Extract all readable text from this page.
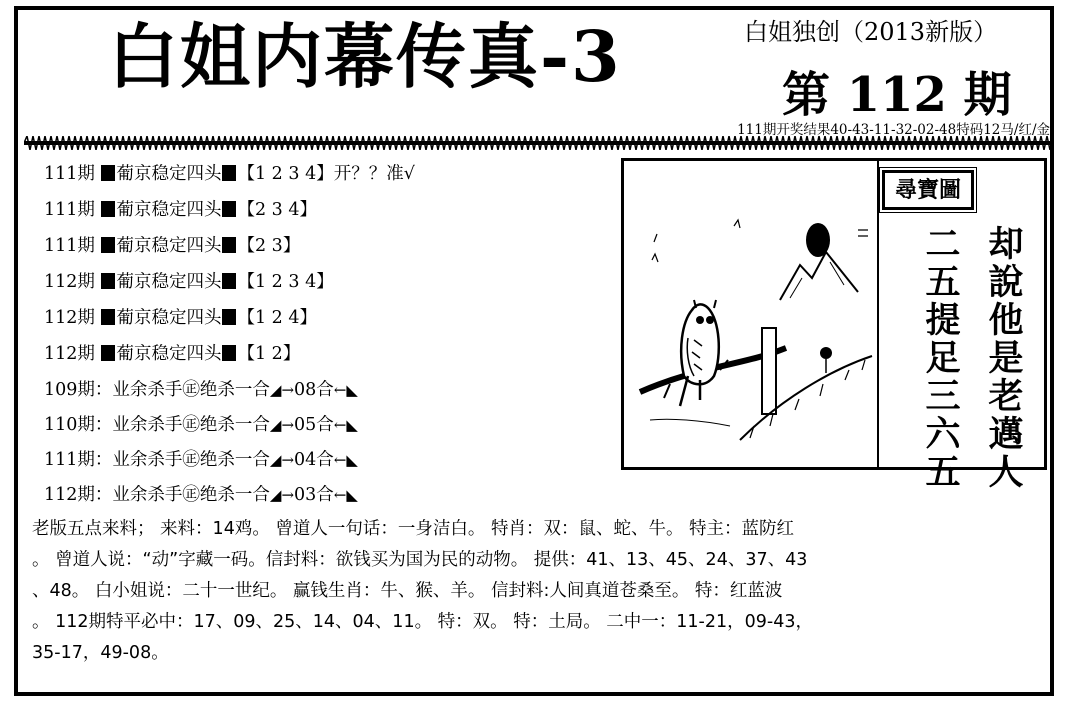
白姐内幕传真-3	白姐独创（2013新版）
第 112 期
111期开奖结果40-43-11-32-02-48特码12马/红/金
111期 葡京稳定四头 【1 2 3 4】开？？准√
111期 葡京稳定四头 【2 3 4】
111期 葡京稳定四头 【2 3】
112期 葡京稳定四头 【1 2 3 4】
112期 葡京稳定四头 【1 2 4】
112期 葡京稳定四头 【1 2】
109期：业余杀手㊣绝杀一合◢→08合←◣
110期：业余杀手㊣绝杀一合◢→05合←◣
111期：业余杀手㊣绝杀一合◢→04合←◣
112期：业余杀手㊣绝杀一合◢→03合←◣
尋寶圖
却說他是老邁人
二五提足三六五
老版五点来料； 来料：14鸡。 曾道人一句话：一身洁白。 特肖：双：鼠、蛇、牛。 特主：蓝防红
。 曾道人说：“动”字藏一码。信封料：欲钱买为国为民的动物。 提供：41、13、45、24、37、43
、48。 白小姐说：二十一世纪。 赢钱生肖：牛、猴、羊。 信封料:人间真道苍桑至。 特：红蓝波
。 112期特平必中：17、09、25、14、04、11。 特：双。 特：土局。 二中一：11-21，09-43，
35-17，49-08。
